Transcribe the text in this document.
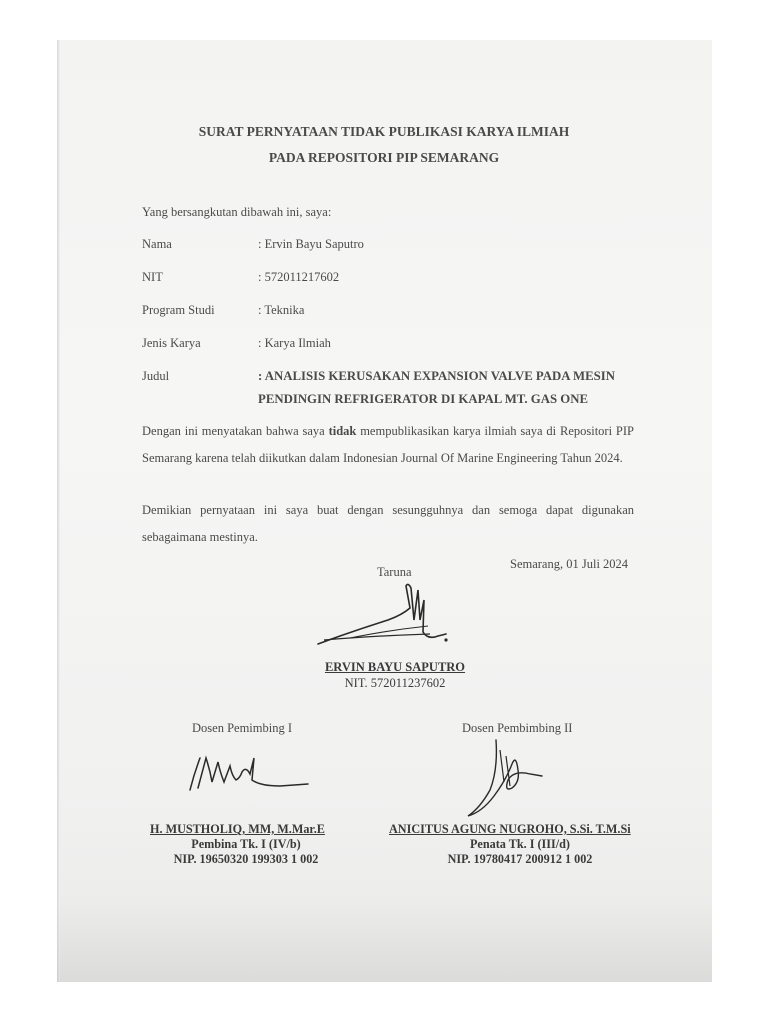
SURAT PERNYATAAN TIDAK PUBLIKASI KARYA ILMIAH
PADA REPOSITORI PIP SEMARANG
Yang bersangkutan dibawah ini, saya:
Nama	: Ervin Bayu Saputro
NIT	: 572011217602
Program Studi	: Teknika
Jenis Karya	: Karya Ilmiah
Judul	: ANALISIS KERUSAKAN EXPANSION VALVE PADA MESIN
PENDINGIN REFRIGERATOR DI KAPAL MT. GAS ONE
Dengan ini menyatakan bahwa saya tidak mempublikasikan karya ilmiah saya di Repositori PIP Semarang karena telah diikutkan dalam Indonesian Journal Of Marine Engineering Tahun 2024.
Demikian pernyataan ini saya buat dengan sesungguhnya dan semoga dapat digunakan sebagaimana mestinya.
Semarang, 01 Juli 2024
Taruna
ERVIN BAYU SAPUTRO
NIT. 572011237602
Dosen Pemimbing I
H. MUSTHOLIQ, MM, M.Mar.E
Pembina Tk. I (IV/b)
NIP. 19650320 199303 1 002
Dosen Pembimbing II
ANICITUS AGUNG NUGROHO, S.Si. T.M.Si
Penata Tk. I (III/d)
NIP. 19780417 200912 1 002
